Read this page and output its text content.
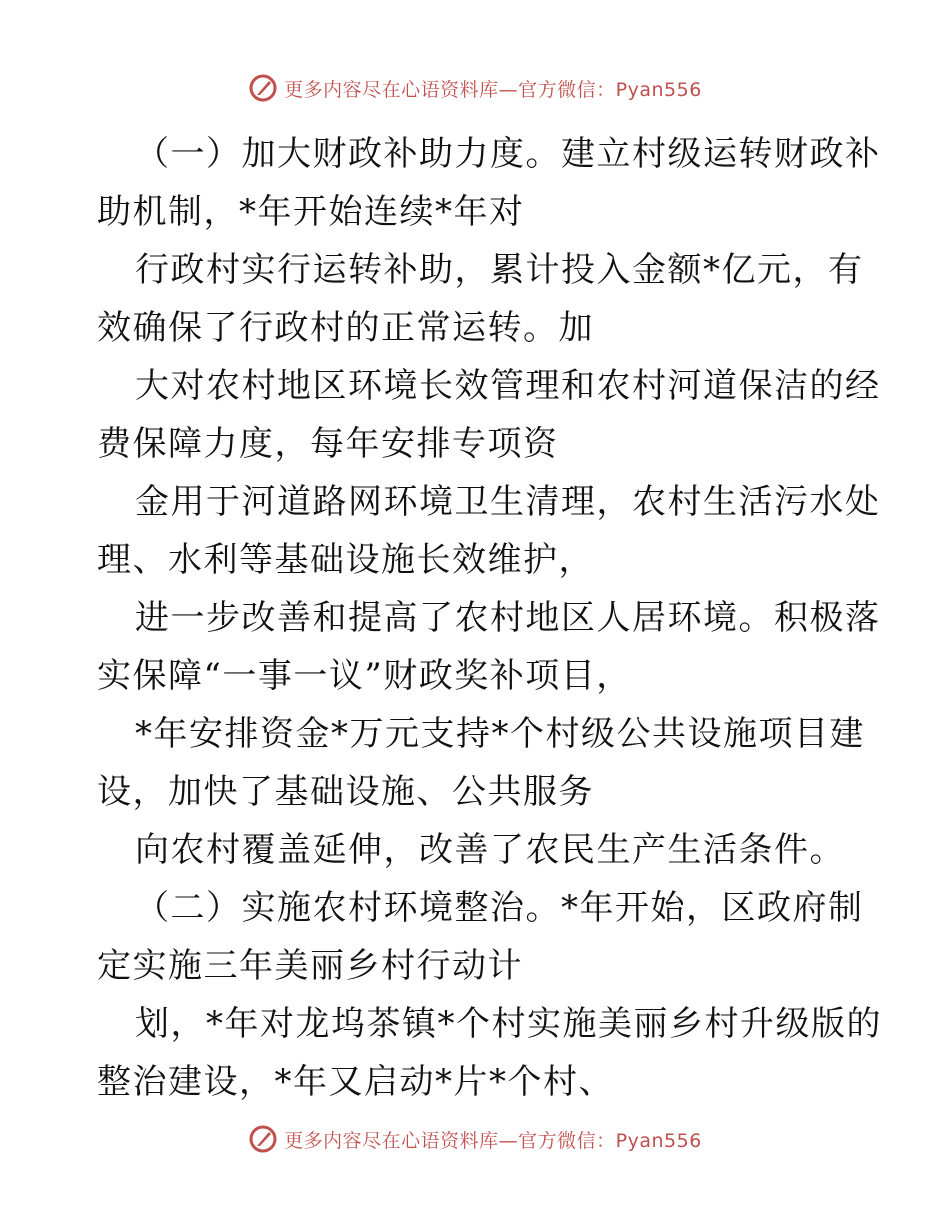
更多内容尽在心语资料库—官方微信：Pyan556
（一）加大财政补助力度。建立村级运转财政补
助机制，*年开始连续*年对
行政村实行运转补助，累计投入金额*亿元，有
效确保了行政村的正常运转。加
大对农村地区环境长效管理和农村河道保洁的经
费保障力度，每年安排专项资
金用于河道路网环境卫生清理，农村生活污水处
理、水利等基础设施长效维护，
进一步改善和提高了农村地区人居环境。积极落
实保障“一事一议”财政奖补项目，
*年安排资金*万元支持*个村级公共设施项目建
设，加快了基础设施、公共服务
向农村覆盖延伸，改善了农民生产生活条件。
（二）实施农村环境整治。*年开始，区政府制
定实施三年美丽乡村行动计
划，*年对龙坞茶镇*个村实施美丽乡村升级版的
整治建设，*年又启动*片*个村、
更多内容尽在心语资料库—官方微信：Pyan556
